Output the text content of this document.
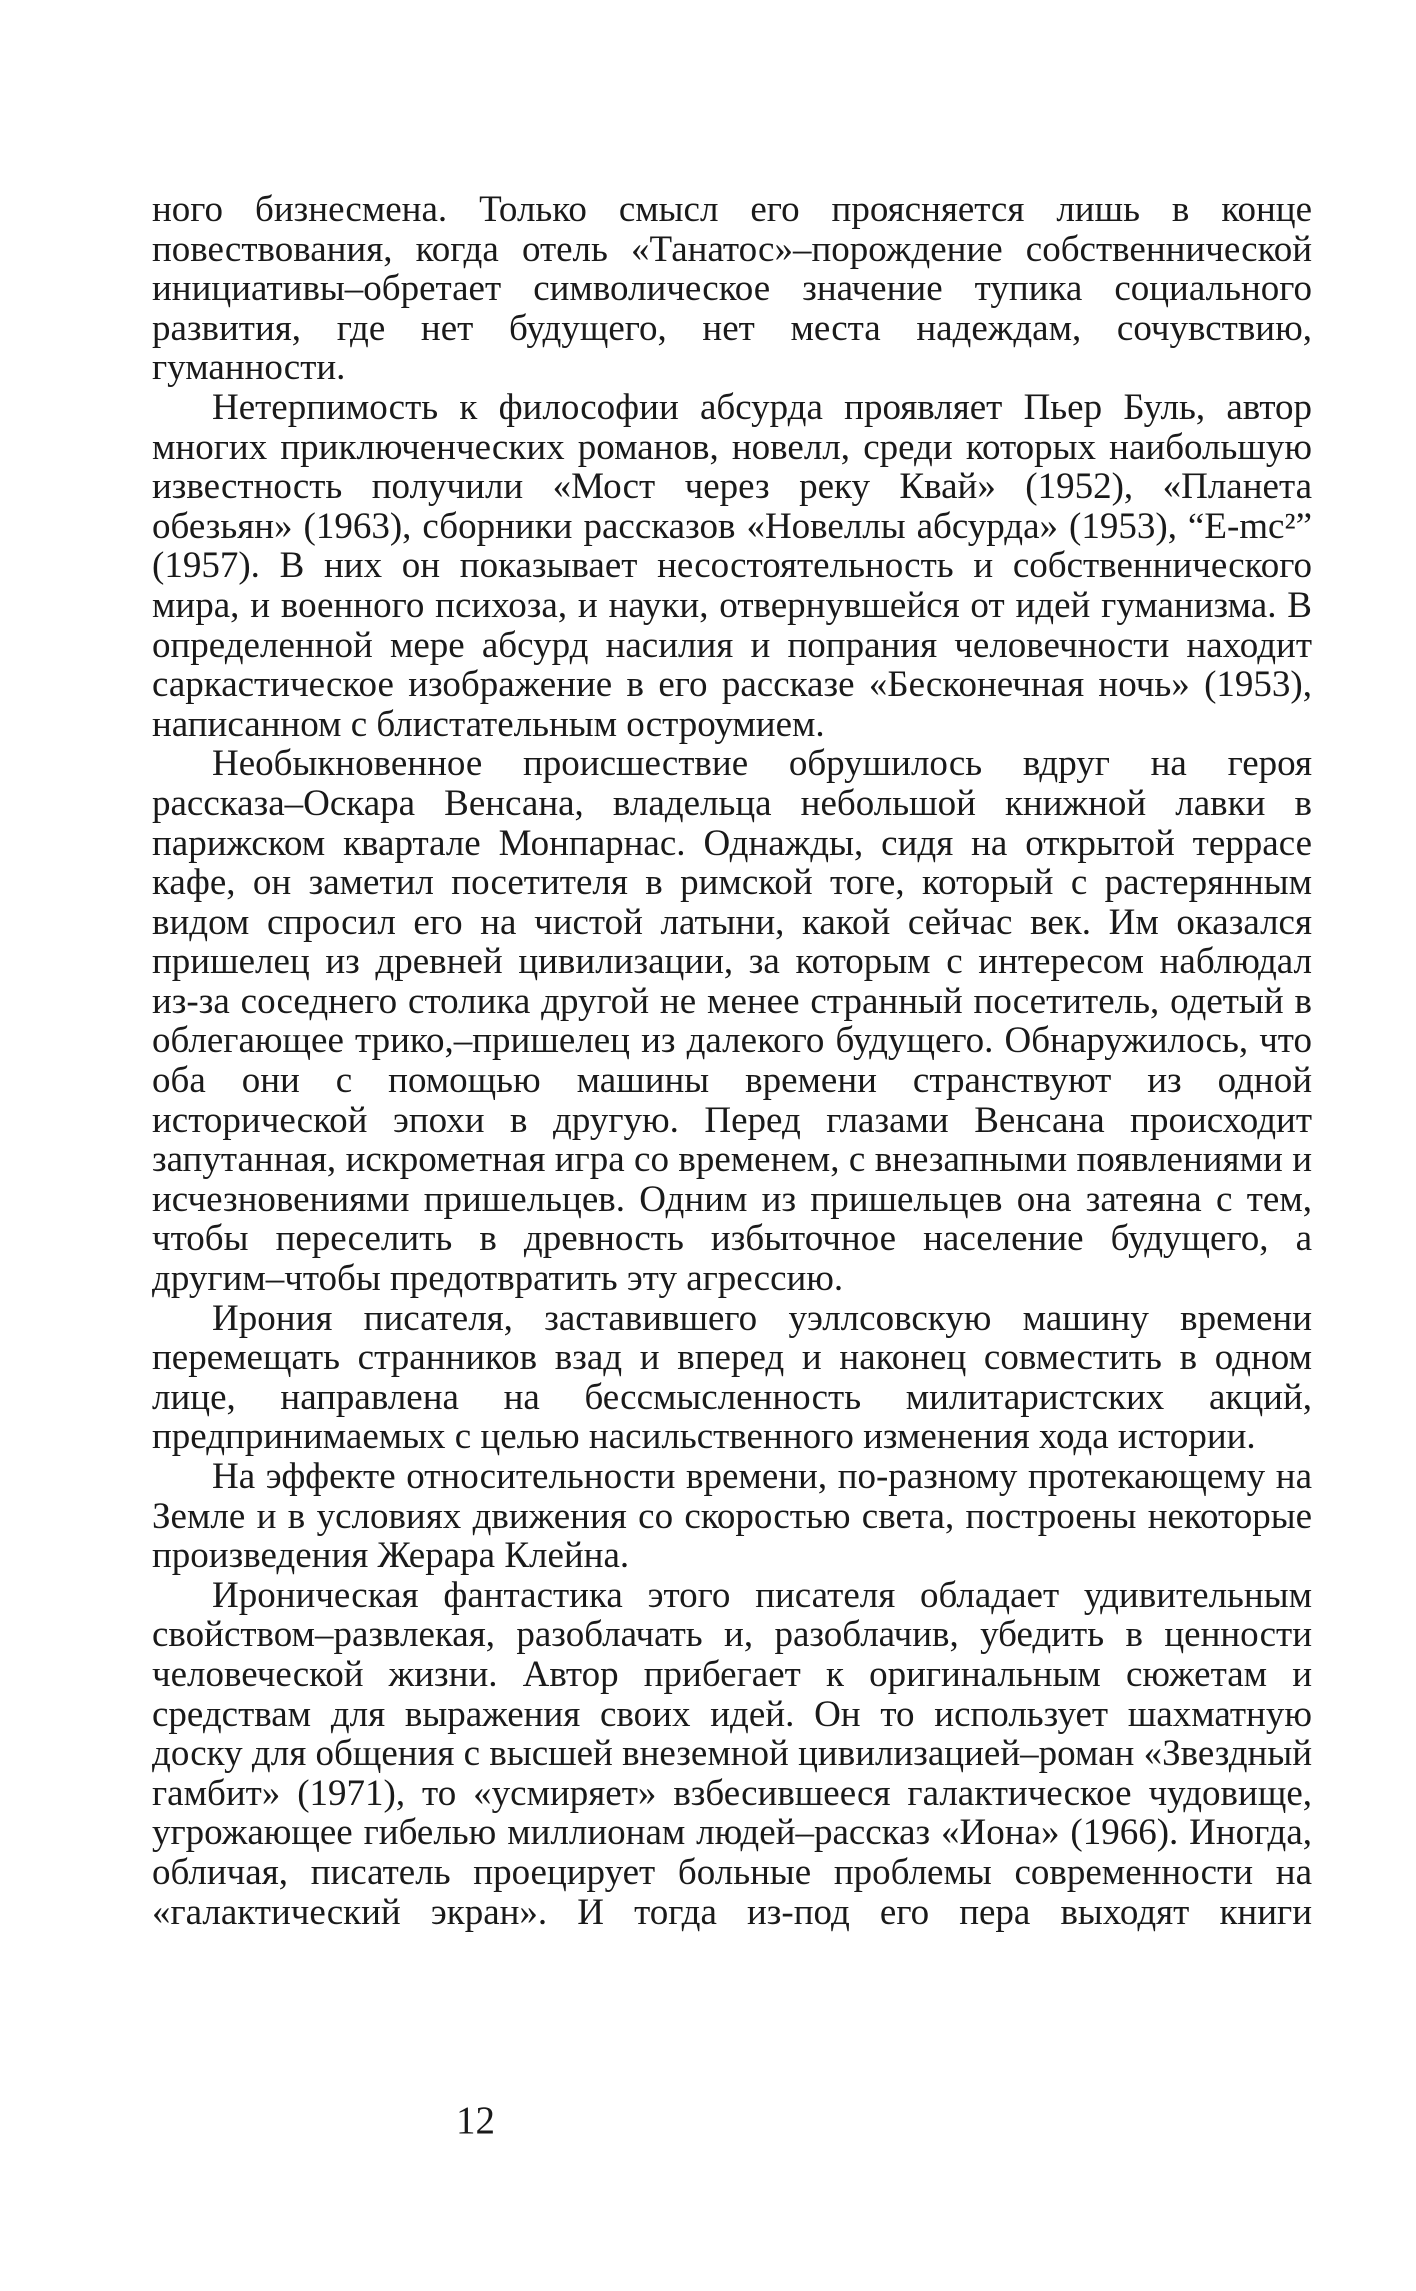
ного бизнесмена. Только смысл его проясняется лишь в конце повествования, когда отель «Танатос»–порождение собственнической инициативы–обретает символическое значение тупика социального развития, где нет будущего, нет места надеждам, сочувствию, гуманности.

Нетерпимость к философии абсурда проявляет Пьер Буль, автор многих приключенческих романов, новелл, среди которых наибольшую известность получили «Мост через реку Квай» (1952), «Планета обезьян» (1963), сборники рассказов «Новеллы абсурда» (1953), “E-mc²” (1957). В них он показывает несостоятельность и собственнического мира, и военного психоза, и науки, отвернувшейся от идей гуманизма. В определенной мере абсурд насилия и попрания человечности находит саркастическое изображение в его рассказе «Бесконечная ночь» (1953), написанном с блистательным остроумием.

Необыкновенное происшествие обрушилось вдруг на героя рассказа–Оскара Венсана, владельца небольшой книжной лавки в парижском квартале Монпарнас. Однажды, сидя на открытой террасе кафе, он заметил посетителя в римской тоге, который с растерянным видом спросил его на чистой латыни, какой сейчас век. Им оказался пришелец из древней цивилизации, за которым с интересом наблюдал из-за соседнего столика другой не менее странный посетитель, одетый в облегающее трико,–пришелец из далекого будущего. Обнаружилось, что оба они с помощью машины времени странствуют из одной исторической эпохи в другую. Перед глазами Венсана происходит запутанная, искрометная игра со временем, с внезапными появлениями и исчезновениями пришельцев. Одним из пришельцев она затеяна с тем, чтобы переселить в древность избыточное население будущего, а другим–чтобы предотвратить эту агрессию.

Ирония писателя, заставившего уэллсовскую машину времени перемещать странников взад и вперед и наконец совместить в одном лице, направлена на бессмысленность милитаристских акций, предпринимаемых с целью насильственного изменения хода истории.

На эффекте относительности времени, по-разному протекающему на Земле и в условиях движения со скоростью света, построены некоторые произведения Жерара Клейна.

Ироническая фантастика этого писателя обладает удивительным свойством–развлекая, разоблачать и, разоблачив, убедить в ценности человеческой жизни. Автор прибегает к оригинальным сюжетам и средствам для выражения своих идей. Он то использует шахматную доску для общения с высшей внеземной цивилизацией–роман «Звездный гамбит» (1971), то «усмиряет» взбесившееся галактическое чудовище, угрожающее гибелью миллионам людей–рассказ «Иона» (1966). Иногда, обличая, писатель проецирует больные проблемы современности на «галактический экран». И тогда из-под его пера выходят книги

12
